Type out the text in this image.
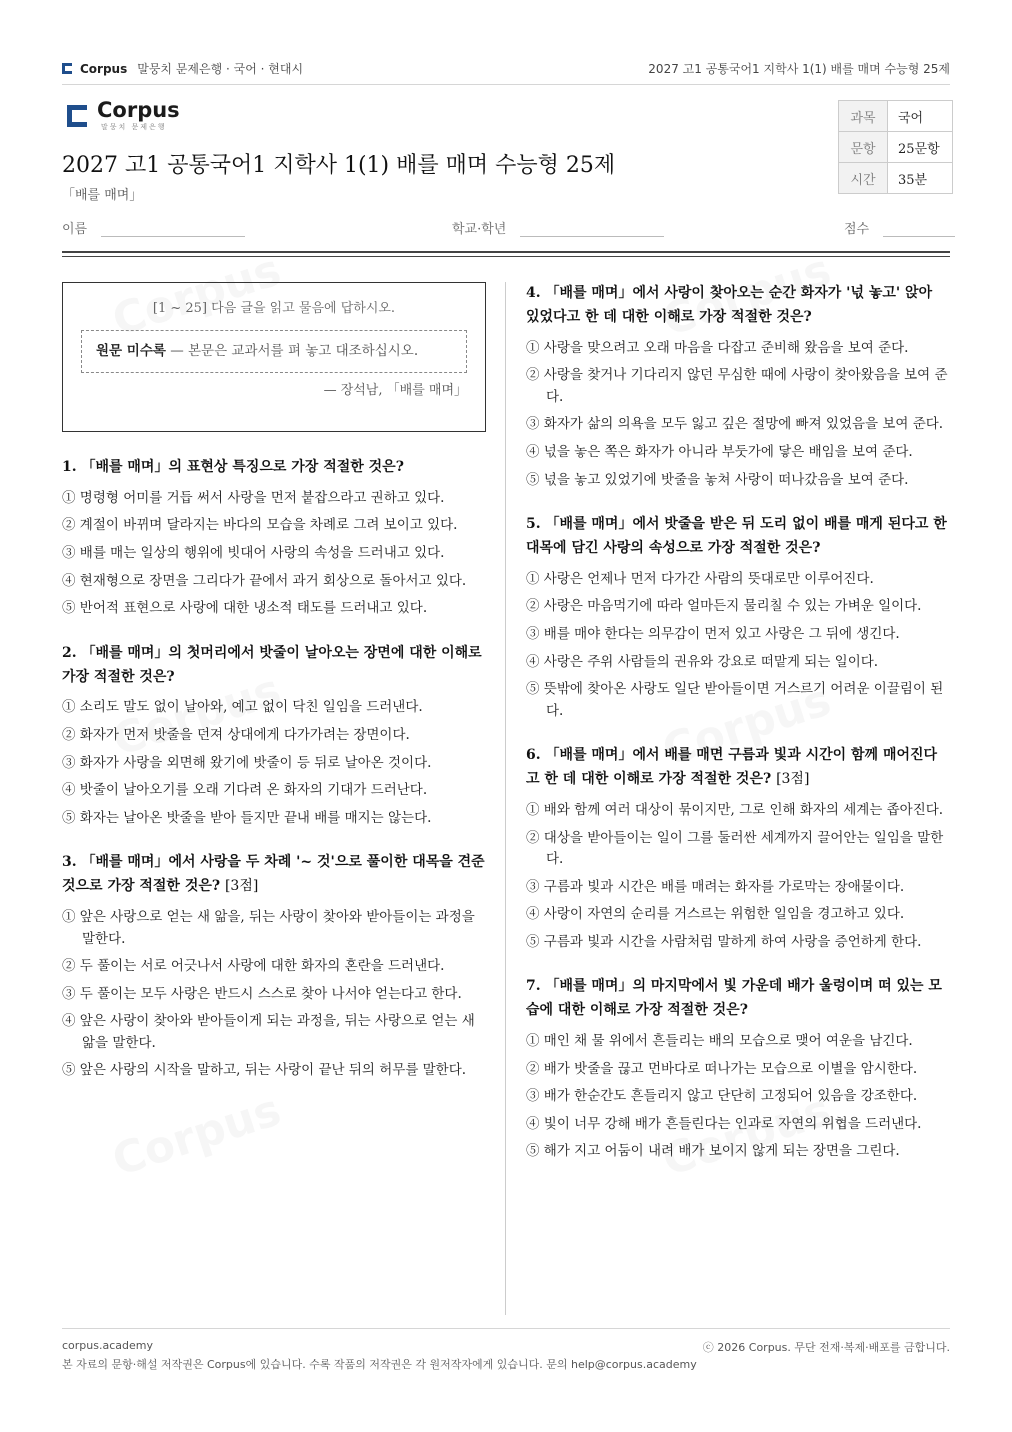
Corpus 말뭉치 문제은행 · 국어 · 현대시	2027 고1 공통국어1 지학사 1(1) 배를 매며 수능형 25제
Corpus
말뭉치 문제은행
2027 고1 공통국어1 지학사 1(1) 배를 매며 수능형 25제
「배를 매며」
과목	국어
문항	25문항
시간	35분
이름	학교·학년	점수
[1 ~ 25] 다음 글을 읽고 물음에 답하시오.
원문 미수록 — 본문은 교과서를 펴 놓고 대조하십시오.
— 장석남, 「배를 매며」
1. 「배를 매며」의 표현상 특징으로 가장 적절한 것은?
① 명령형 어미를 거듭 써서 사랑을 먼저 붙잡으라고 권하고 있다.
② 계절이 바뀌며 달라지는 바다의 모습을 차례로 그려 보이고 있다.
③ 배를 매는 일상의 행위에 빗대어 사랑의 속성을 드러내고 있다.
④ 현재형으로 장면을 그리다가 끝에서 과거 회상으로 돌아서고 있다.
⑤ 반어적 표현으로 사랑에 대한 냉소적 태도를 드러내고 있다.
2. 「배를 매며」의 첫머리에서 밧줄이 날아오는 장면에 대한 이해로 가장 적절한 것은?
① 소리도 말도 없이 날아와, 예고 없이 닥친 일임을 드러낸다.
② 화자가 먼저 밧줄을 던져 상대에게 다가가려는 장면이다.
③ 화자가 사랑을 외면해 왔기에 밧줄이 등 뒤로 날아온 것이다.
④ 밧줄이 날아오기를 오래 기다려 온 화자의 기대가 드러난다.
⑤ 화자는 날아온 밧줄을 받아 들지만 끝내 배를 매지는 않는다.
3. 「배를 매며」에서 사랑을 두 차례 '~ 것'으로 풀이한 대목을 견준 것으로 가장 적절한 것은? [3점]
① 앞은 사랑으로 얻는 새 앎을, 뒤는 사랑이 찾아와 받아들이는 과정을 말한다.
② 두 풀이는 서로 어긋나서 사랑에 대한 화자의 혼란을 드러낸다.
③ 두 풀이는 모두 사랑은 반드시 스스로 찾아 나서야 얻는다고 한다.
④ 앞은 사랑이 찾아와 받아들이게 되는 과정을, 뒤는 사랑으로 얻는 새 앎을 말한다.
⑤ 앞은 사랑의 시작을 말하고, 뒤는 사랑이 끝난 뒤의 허무를 말한다.
4. 「배를 매며」에서 사랑이 찾아오는 순간 화자가 '넋 놓고' 앉아 있었다고 한 데 대한 이해로 가장 적절한 것은?
① 사랑을 맞으려고 오래 마음을 다잡고 준비해 왔음을 보여 준다.
② 사랑을 찾거나 기다리지 않던 무심한 때에 사랑이 찾아왔음을 보여 준다.
③ 화자가 삶의 의욕을 모두 잃고 깊은 절망에 빠져 있었음을 보여 준다.
④ 넋을 놓은 쪽은 화자가 아니라 부둣가에 닿은 배임을 보여 준다.
⑤ 넋을 놓고 있었기에 밧줄을 놓쳐 사랑이 떠나갔음을 보여 준다.
5. 「배를 매며」에서 밧줄을 받은 뒤 도리 없이 배를 매게 된다고 한 대목에 담긴 사랑의 속성으로 가장 적절한 것은?
① 사랑은 언제나 먼저 다가간 사람의 뜻대로만 이루어진다.
② 사랑은 마음먹기에 따라 얼마든지 물리칠 수 있는 가벼운 일이다.
③ 배를 매야 한다는 의무감이 먼저 있고 사랑은 그 뒤에 생긴다.
④ 사랑은 주위 사람들의 권유와 강요로 떠맡게 되는 일이다.
⑤ 뜻밖에 찾아온 사랑도 일단 받아들이면 거스르기 어려운 이끌림이 된다.
6. 「배를 매며」에서 배를 매면 구름과 빛과 시간이 함께 매어진다고 한 데 대한 이해로 가장 적절한 것은? [3점]
① 배와 함께 여러 대상이 묶이지만, 그로 인해 화자의 세계는 좁아진다.
② 대상을 받아들이는 일이 그를 둘러싼 세계까지 끌어안는 일임을 말한다.
③ 구름과 빛과 시간은 배를 매려는 화자를 가로막는 장애물이다.
④ 사랑이 자연의 순리를 거스르는 위험한 일임을 경고하고 있다.
⑤ 구름과 빛과 시간을 사람처럼 말하게 하여 사랑을 증언하게 한다.
7. 「배를 매며」의 마지막에서 빛 가운데 배가 울렁이며 떠 있는 모습에 대한 이해로 가장 적절한 것은?
① 매인 채 물 위에서 흔들리는 배의 모습으로 맺어 여운을 남긴다.
② 배가 밧줄을 끊고 먼바다로 떠나가는 모습으로 이별을 암시한다.
③ 배가 한순간도 흔들리지 않고 단단히 고정되어 있음을 강조한다.
④ 빛이 너무 강해 배가 흔들린다는 인과로 자연의 위협을 드러낸다.
⑤ 해가 지고 어둠이 내려 배가 보이지 않게 되는 장면을 그린다.
corpus.academy	ⓒ 2026 Corpus. 무단 전재·복제·배포를 금합니다.
본 자료의 문항·해설 저작권은 Corpus에 있습니다. 수록 작품의 저작권은 각 원저작자에게 있습니다. 문의 help@corpus.academy
